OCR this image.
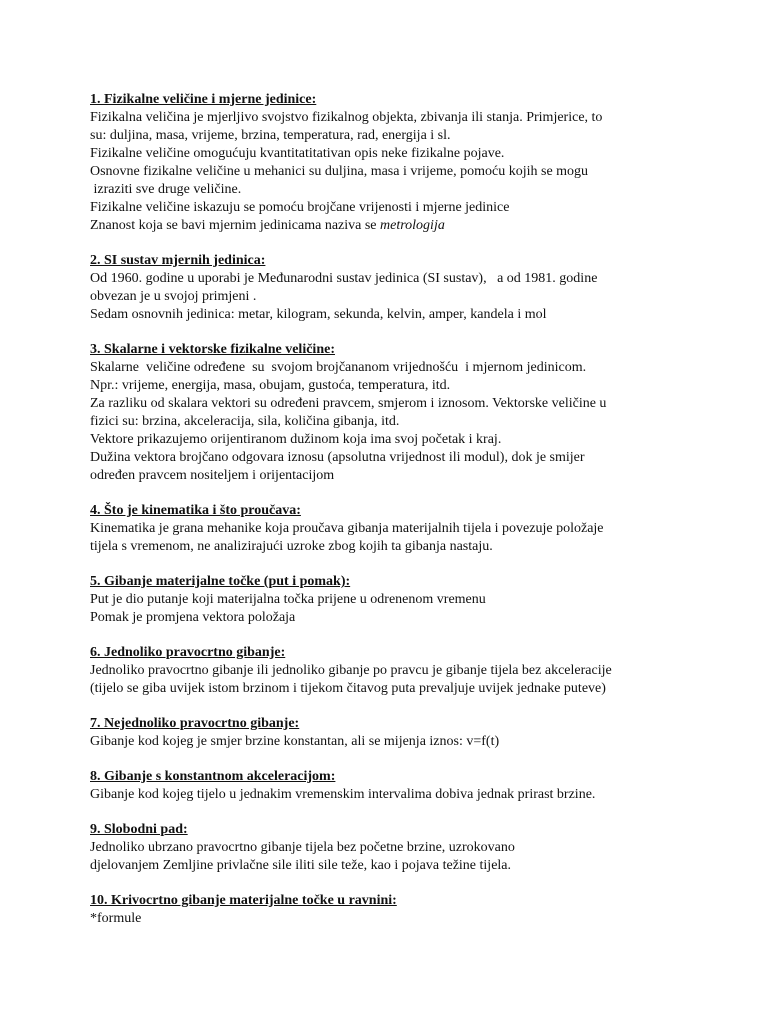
1. Fizikalne veličine i mjerne jedinice:
Fizikalna veličina je mjerljivo svojstvo fizikalnog objekta, zbivanja ili stanja. Primjerice, to
su: duljina, masa, vrijeme, brzina, temperatura, rad, energija i sl.
Fizikalne veličine omogućuju kvantitatitativan opis neke fizikalne pojave.
Osnovne fizikalne veličine u mehanici su duljina, masa i vrijeme, pomoću kojih se mogu
izraziti sve druge veličine.
Fizikalne veličine iskazuju se pomoću brojčane vrijenosti i mjerne jedinice
Znanost koja se bavi mjernim jedinicama naziva se metrologija
2. SI sustav mjernih jedinica:
Od 1960. godine u uporabi je Međunarodni sustav jedinica (SI sustav),   a od 1981. godine
obvezan je u svojoj primjeni .
Sedam osnovnih jedinica: metar, kilogram, sekunda, kelvin, amper, kandela i mol
3. Skalarne i vektorske fizikalne veličine:
Skalarne  veličine određene  su  svojom brojčananom vrijednošću  i mjernom jedinicom.
Npr.: vrijeme, energija, masa, obujam, gustoća, temperatura, itd.
Za razliku od skalara vektori su određeni pravcem, smjerom i iznosom. Vektorske veličine u
fizici su: brzina, akceleracija, sila, količina gibanja, itd.
Vektore prikazujemo orijentiranom dužinom koja ima svoj početak i kraj.
Dužina vektora brojčano odgovara iznosu (apsolutna vrijednost ili modul), dok je smijer
određen pravcem nositeljem i orijentacijom
4. Što je kinematika i što proučava:
Kinematika je grana mehanike koja proučava gibanja materijalnih tijela i povezuje položaje
tijela s vremenom, ne analizirajući uzroke zbog kojih ta gibanja nastaju.
5. Gibanje materijalne točke (put i pomak):
Put je dio putanje koji materijalna točka prijene u odrenenom vremenu
Pomak je promjena vektora položaja
6. Jednoliko pravocrtno gibanje:
Jednoliko pravocrtno gibanje ili jednoliko gibanje po pravcu je gibanje tijela bez akceleracije
(tijelo se giba uvijek istom brzinom i tijekom čitavog puta prevaljuje uvijek jednake puteve)
7. Nejednoliko pravocrtno gibanje:
Gibanje kod kojeg je smjer brzine konstantan, ali se mijenja iznos: v=f(t)
8. Gibanje s konstantnom akceleracijom:
Gibanje kod kojeg tijelo u jednakim vremenskim intervalima dobiva jednak prirast brzine.
9. Slobodni pad:
Jednoliko ubrzano pravocrtno gibanje tijela bez početne brzine, uzrokovano
djelovanjem Zemljine privlačne sile iliti sile teže, kao i pojava težine tijela.
10. Krivocrtno gibanje materijalne točke u ravnini:
*formule
